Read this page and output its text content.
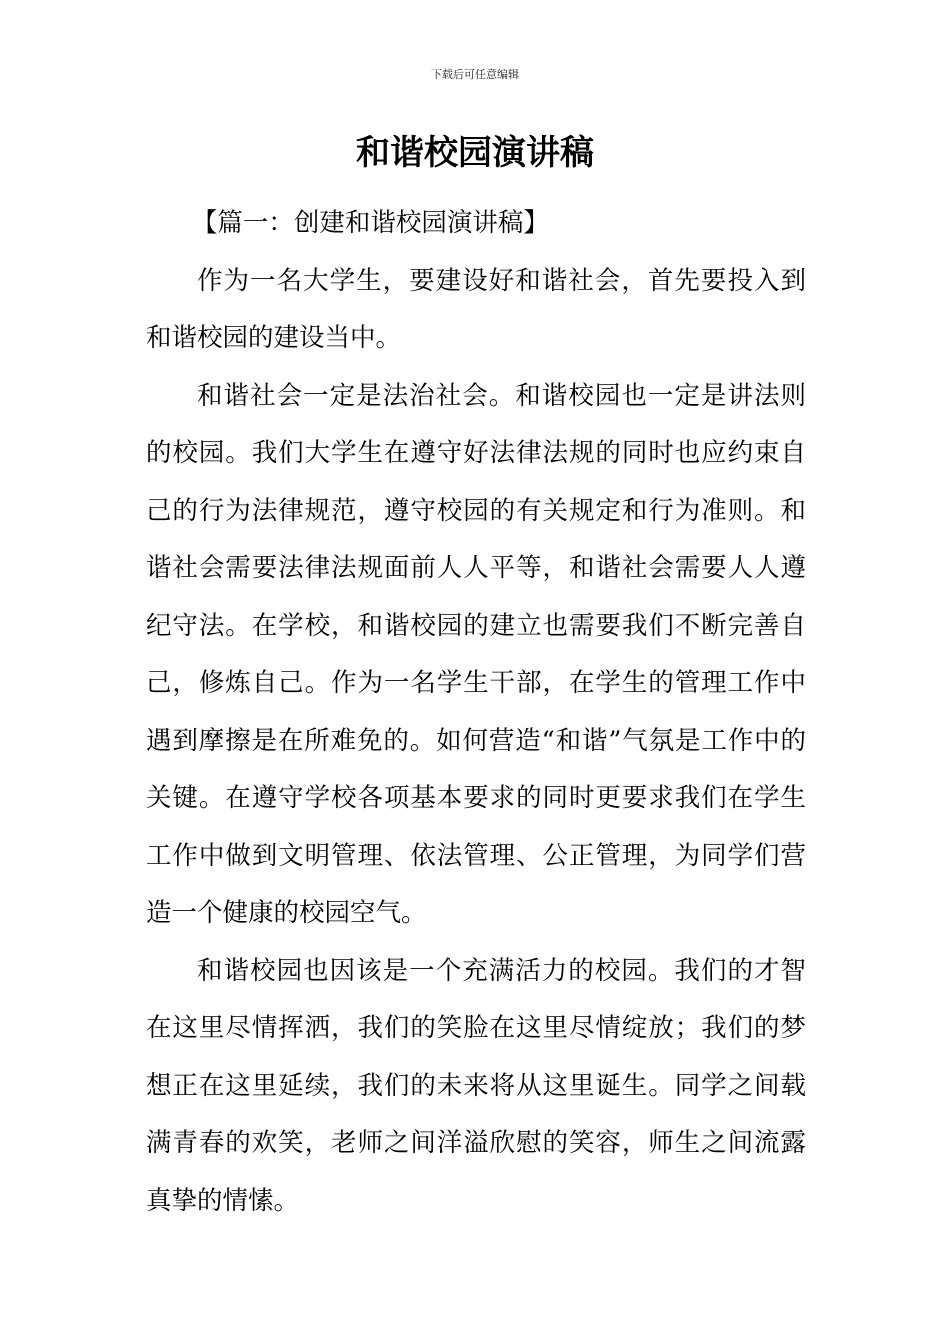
下载后可任意编辑
和谐校园演讲稿

【篇一：创建和谐校园演讲稿】

作为一名大学生，要建设好和谐社会，首先要投入到和谐校园的建设当中。

和谐社会一定是法治社会。和谐校园也一定是讲法则的校园。我们大学生在遵守好法律法规的同时也应约束自己的行为法律规范，遵守校园的有关规定和行为准则。和谐社会需要法律法规面前人人平等，和谐社会需要人人遵纪守法。在学校，和谐校园的建立也需要我们不断完善自己，修炼自己。作为一名学生干部，在学生的管理工作中遇到摩擦是在所难免的。如何营造“和谐”气氛是工作中的关键。在遵守学校各项基本要求的同时更要求我们在学生工作中做到文明管理、依法管理、公正管理，为同学们营造一个健康的校园空气。

和谐校园也因该是一个充满活力的校园。我们的才智在这里尽情挥洒，我们的笑脸在这里尽情绽放；我们的梦想正在这里延续，我们的未来将从这里诞生。同学之间载满青春的欢笑，老师之间洋溢欣慰的笑容，师生之间流露真挚的情愫。
